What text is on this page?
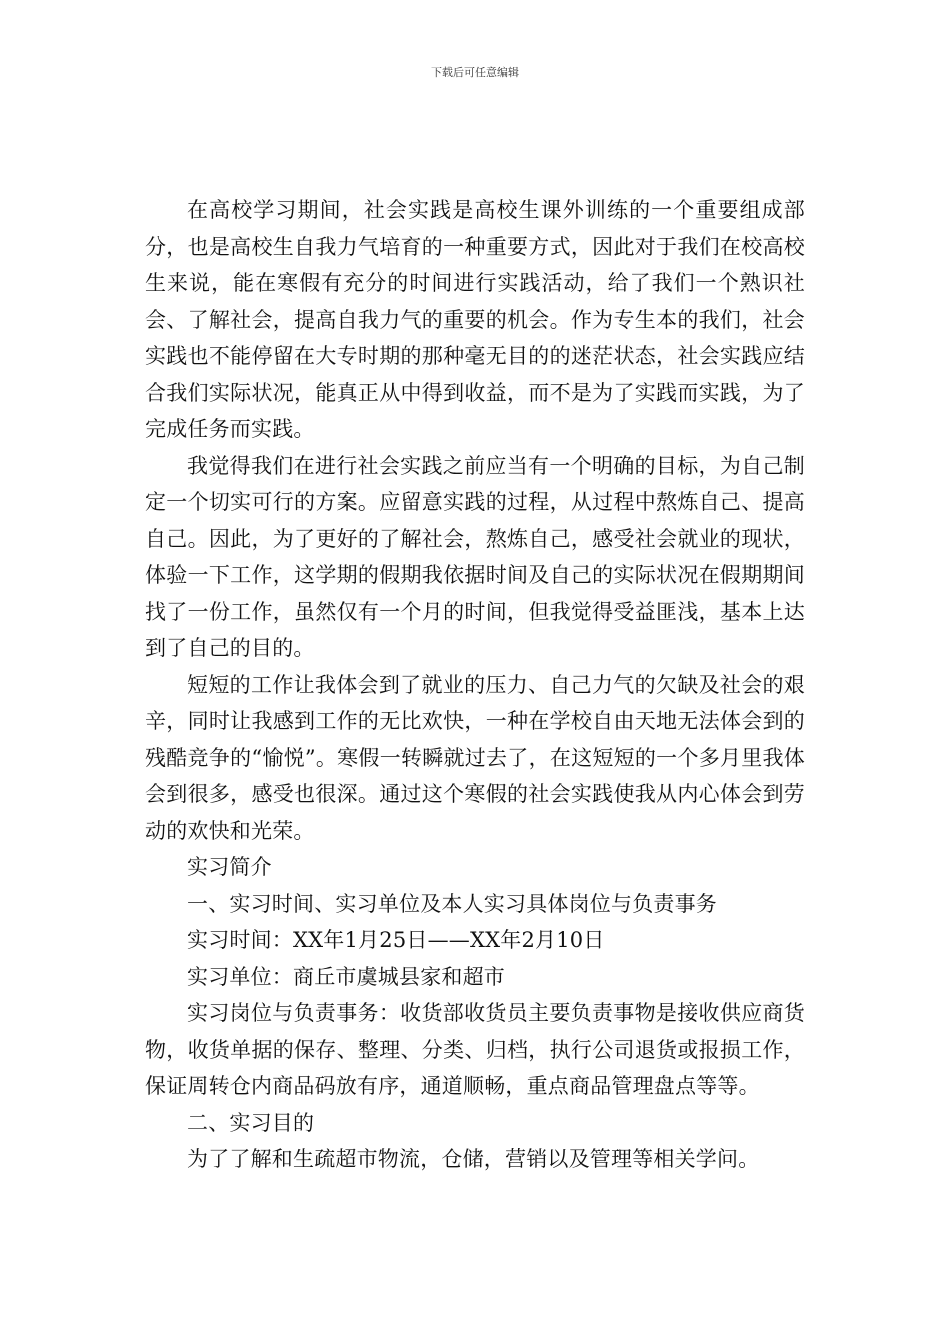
下载后可任意编辑

在高校学习期间，社会实践是高校生课外训练的一个重要组成部分，也是高校生自我力气培育的一种重要方式，因此对于我们在校高校生来说，能在寒假有充分的时间进行实践活动，给了我们一个熟识社会、了解社会，提高自我力气的重要的机会。作为专生本的我们，社会实践也不能停留在大专时期的那种毫无目的的迷茫状态，社会实践应结合我们实际状况，能真正从中得到收益，而不是为了实践而实践，为了完成任务而实践。

我觉得我们在进行社会实践之前应当有一个明确的目标，为自己制定一个切实可行的方案。应留意实践的过程，从过程中熬炼自己、提高自己。因此，为了更好的了解社会，熬炼自己，感受社会就业的现状，体验一下工作，这学期的假期我依据时间及自己的实际状况在假期期间找了一份工作，虽然仅有一个月的时间，但我觉得受益匪浅，基本上达到了自己的目的。

短短的工作让我体会到了就业的压力、自己力气的欠缺及社会的艰辛，同时让我感到工作的无比欢快，一种在学校自由天地无法体会到的残酷竞争的“愉悦”。寒假一转瞬就过去了，在这短短的一个多月里我体会到很多，感受也很深。通过这个寒假的社会实践使我从内心体会到劳动的欢快和光荣。

实习简介

一、实习时间、实习单位及本人实习具体岗位与负责事务

实习时间：XX年1月25日——XX年2月10日

实习单位：商丘市虞城县家和超市

实习岗位与负责事务：收货部收货员主要负责事物是接收供应商货物，收货单据的保存、整理、分类、归档，执行公司退货或报损工作，保证周转仓内商品码放有序，通道顺畅，重点商品管理盘点等等。

二、实习目的

为了了解和生疏超市物流，仓储，营销以及管理等相关学问。
